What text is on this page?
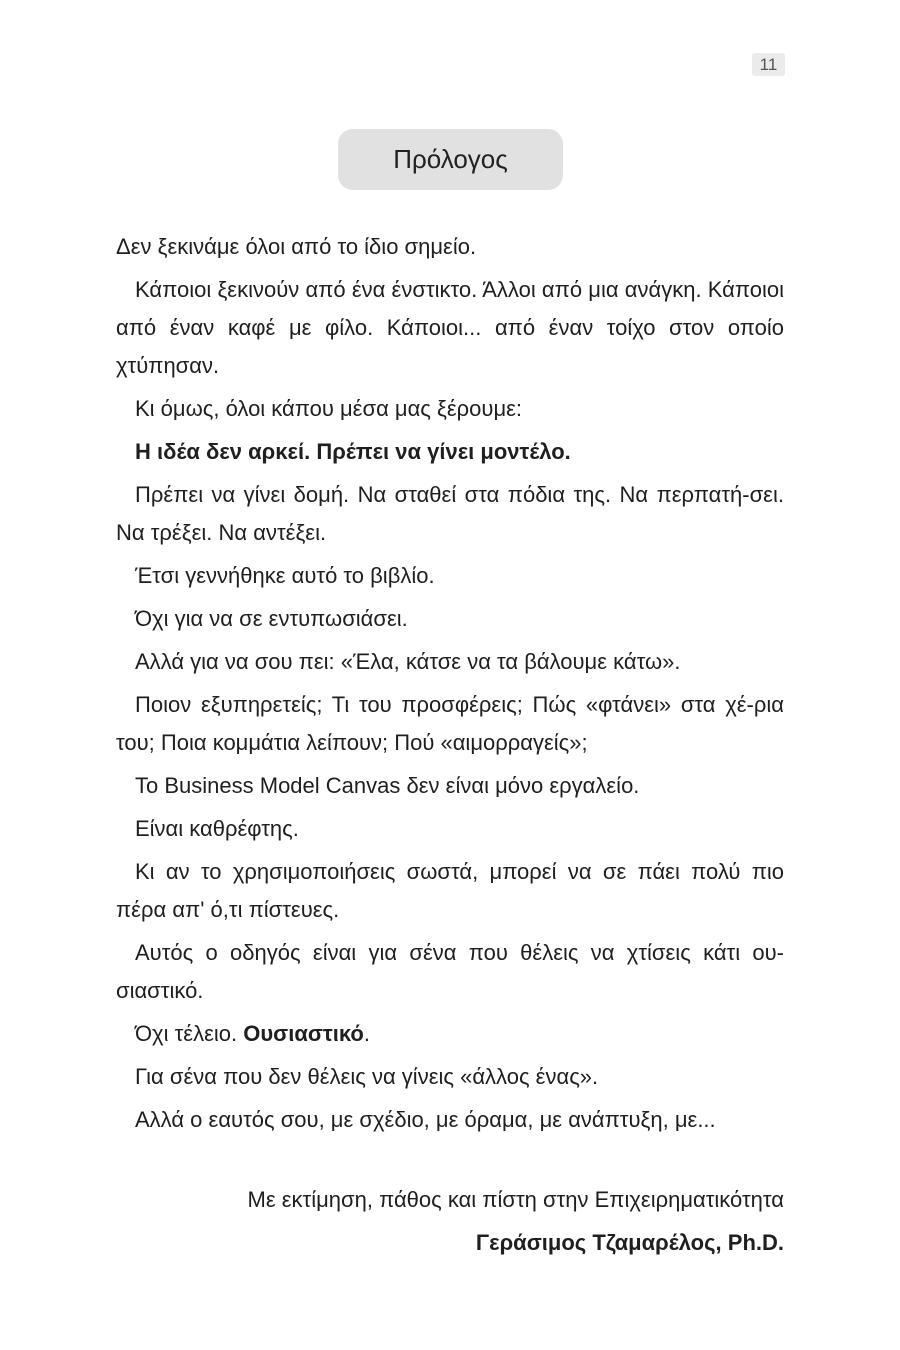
11
Πρόλογος

Δεν ξεκινάμε όλοι από το ίδιο σημείο.

Κάποιοι ξεκινούν από ένα ένστικτο. Άλλοι από μια ανάγκη. Κάποιοι από έναν καφέ με φίλο. Κάποιοι... από έναν τοίχο στον οποίο χτύπησαν.

Κι όμως, όλοι κάπου μέσα μας ξέρουμε:

Η ιδέα δεν αρκεί. Πρέπει να γίνει μοντέλο.

Πρέπει να γίνει δομή. Να σταθεί στα πόδια της. Να περπατή-σει. Να τρέξει. Να αντέξει.

Έτσι γεννήθηκε αυτό το βιβλίο.

Όχι για να σε εντυπωσιάσει.

Αλλά για να σου πει: «Έλα, κάτσε να τα βάλουμε κάτω».

Ποιον εξυπηρετείς; Τι του προσφέρεις; Πώς «φτάνει» στα χέ-ρια του; Ποια κομμάτια λείπουν; Πού «αιμορραγείς»;

Το Business Model Canvas δεν είναι μόνο εργαλείο.

Είναι καθρέφτης.

Κι αν το χρησιμοποιήσεις σωστά, μπορεί να σε πάει πολύ πιο πέρα απ' ό,τι πίστευες.

Αυτός ο οδηγός είναι για σένα που θέλεις να χτίσεις κάτι ου-σιαστικό.

Όχι τέλειο. Ουσιαστικό.

Για σένα που δεν θέλεις να γίνεις «άλλος ένας».

Αλλά ο εαυτός σου, με σχέδιο, με όραμα, με ανάπτυξη, με...

Με εκτίμηση, πάθος και πίστη στην Επιχειρηματικότητα
Γεράσιμος Τζαμαρέλος, Ph.D.
